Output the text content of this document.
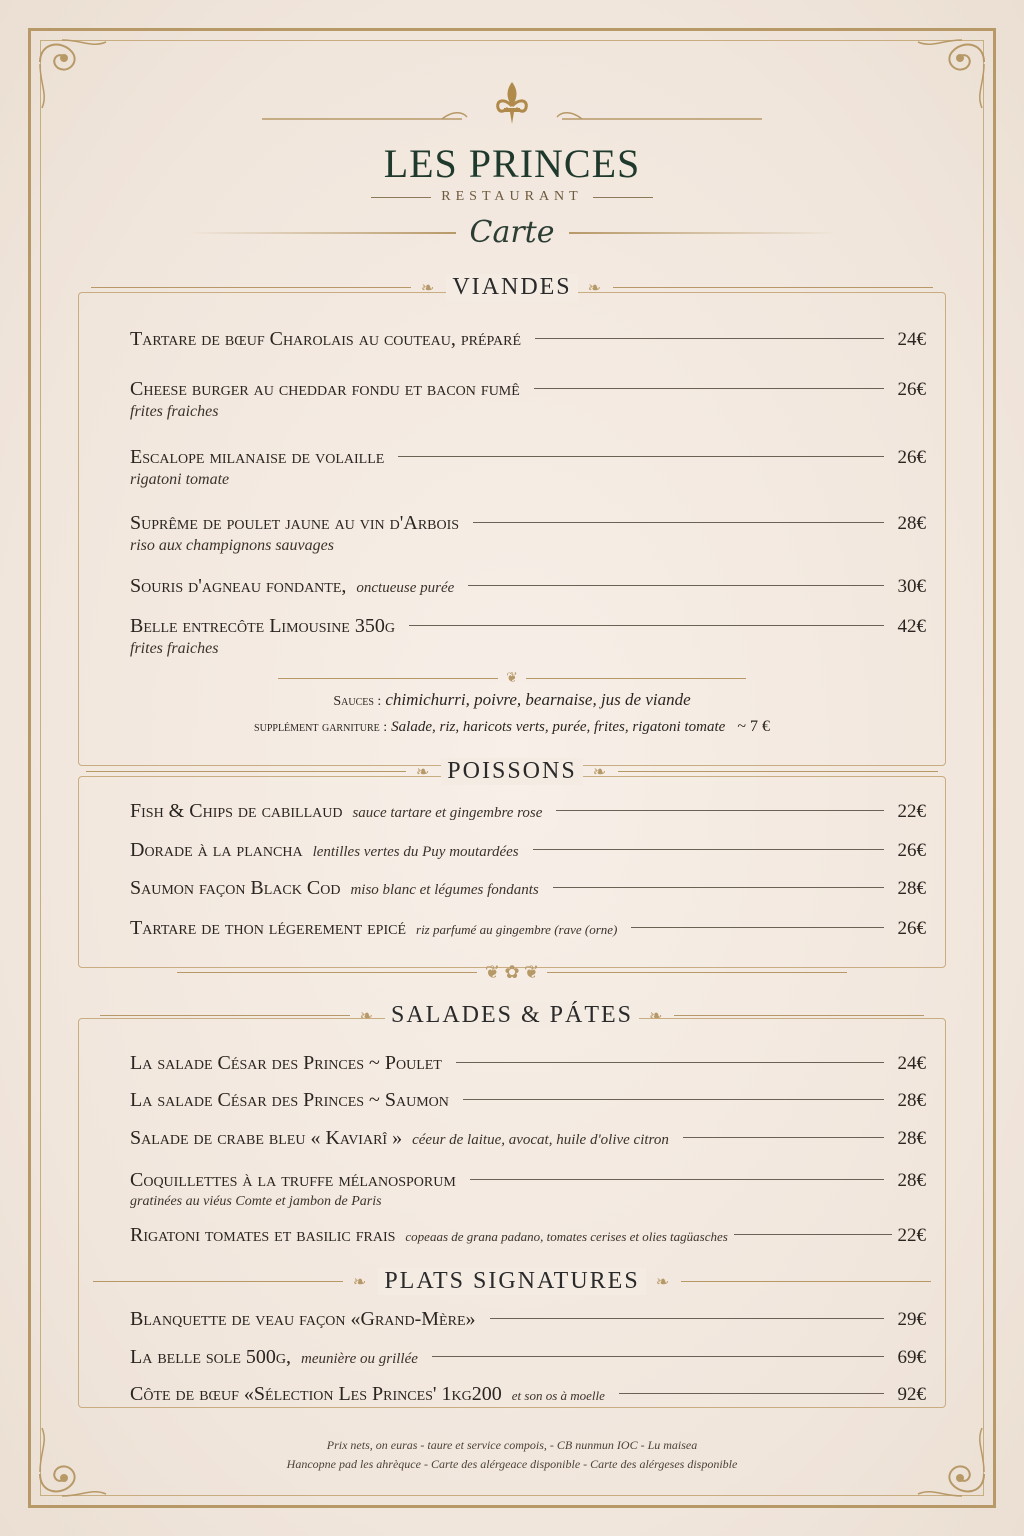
LES PRINCES
RESTAURANT
Carte
❧ VIANDES	❧
Tartare de bœuf Charolais au couteau, préparé	24€
Cheese burger au cheddar fondu et bacon fumê	26€
frites fraiches
Escalope milanaise de volaille	26€
rigatoni tomate
Suprême de poulet jaune au vin d'Arbois	28€
riso aux champignons sauvages
Souris d'agneau fondante, onctueuse purée	30€
Belle entrecôte Limousine 350g	42€
frites fraiches
❦
Sauces : chimichurri, poivre, bearnaise, jus de viande
supplément garniture : Salade, riz, haricots verts, purée, frites, rigatoni tomate ~ 7 €
❧ POISSONS	❧
Fish & Chips de cabillaud sauce tartare et gingembre rose	22€
Dorade à la plancha lentilles vertes du Puy moutardées	26€
Saumon façon Black Cod miso blanc et légumes fondants	28€
Tartare de thon légerement epicé riz parfumé au gingembre (rave (orne)	26€
❦ ✿ ❦
❧ SALADES & PÁTES	❧
La salade César des Princes ~ Poulet	24€
La salade César des Princes ~ Saumon	28€
Salade de crabe bleu « Kaviarî » céeur de laitue, avocat, huile d'olive citron	28€
Coquillettes à la truffe mélanosporum	28€
gratinées au viéus Comte et jambon de Paris
Rigatoni tomates et basilic frais copeaas de grana padano, tomates cerises et olies tagüasches	22€
❧ PLATS SIGNATURES	❧
Blanquette de veau façon «Grand-Mère»	29€
La belle sole 500g, meunière ou grillée	69€
Côte de bœuf «Sélection Les Princes' 1kg200 et son os à moelle	92€
Prix nets, on euras - taure et service compois, - CB nunmun IOC - Lu maisea
Hancopne pad les ahrèquce - Carte des alérgeace disponible - Carte des alérgeses disponible
